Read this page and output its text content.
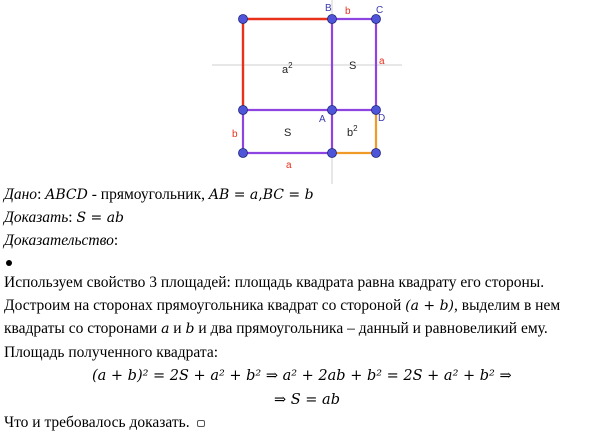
B	C
A	D
b
a
b
a
$a^2$	S
S	$b^2$
Дано: ABCD - прямоугольник, AB = a,BC = b
Доказать: S = ab
Доказательство:
Используем свойство 3 площадей: площадь квадрата равна квадрату его стороны.
Достроим на сторонах прямоугольника квадрат со стороной (a + b), выделим в нем
квадраты со сторонами a и b и два прямоугольника – данный и равновеликий ему.
Площадь полученного квадрата:
(a + b)² = 2S + a² + b² ⇒ a² + 2ab + b² = 2S + a² + b² ⇒
⇒ S = ab
Что и требовалось доказать.
